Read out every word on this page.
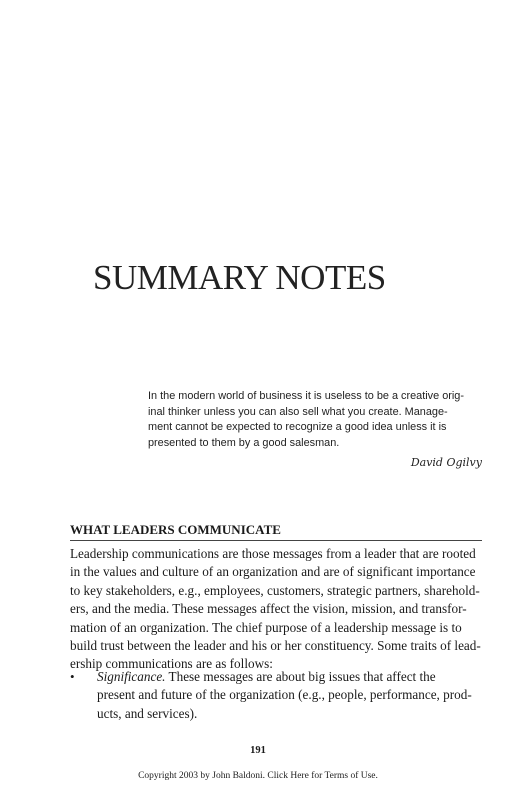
SUMMARY NOTES

In the modern world of business it is useless to be a creative orig-
inal thinker unless you can also sell what you create. Manage-
ment cannot be expected to recognize a good idea unless it is
presented to them by a good salesman.

David Ogilvy
WHAT LEADERS COMMUNICATE

Leadership communications are those messages from a leader that are rooted
in the values and culture of an organization and are of significant importance
to key stakeholders, e.g., employees, customers, strategic partners, sharehold-
ers, and the media. These messages affect the vision, mission, and transfor-
mation of an organization. The chief purpose of a leadership message is to
build trust between the leader and his or her constituency. Some traits of lead-
ership communications are as follows:

• Significance. These messages are about big issues that affect the
present and future of the organization (e.g., people, performance, prod-
ucts, and services).
191
Copyright 2003 by John Baldoni. Click Here for Terms of Use.
